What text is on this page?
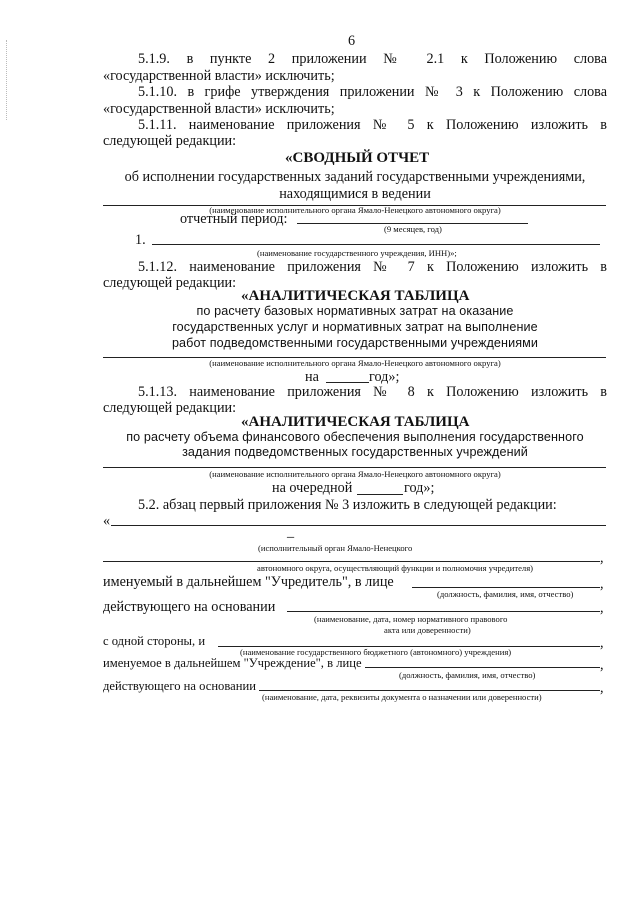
6
5.1.9. в пункте 2 приложении № 2.1 к Положению слова
«государственной власти» исключить;
5.1.10. в грифе утверждения приложении № 3 к Положению слова
«государственной власти» исключить;
5.1.11. наименование приложения № 5 к Положению изложить в
следующей редакции:
«СВОДНЫЙ ОТЧЕТ
об исполнении государственных заданий государственными учреждениями,
находящимися в ведении
(наименование исполнительного органа Ямало-Ненецкого автономного округа)
отчетный период:
(9 месяцев, год)
1.
(наименование государственного учреждения, ИНН)»;
5.1.12. наименование приложения № 7 к Положению изложить в
следующей редакции:
«АНАЛИТИЧЕСКАЯ ТАБЛИЦА
по расчету базовых нормативных затрат на оказание
государственных услуг и нормативных затрат на выполнение
работ подведомственными государственными учреждениями
(наименование исполнительного органа Ямало-Ненецкого автономного округа)
на	год»;
5.1.13. наименование приложения № 8 к Положению изложить в
следующей редакции:
«АНАЛИТИЧЕСКАЯ ТАБЛИЦА
по расчету объема финансового обеспечения выполнения государственного
задания подведомственных государственных учреждений
(наименование исполнительного органа Ямало-Ненецкого автономного округа)
на очередной	год»;
5.2. абзац первый приложения № 3 изложить в следующей редакции:
«
–
(исполнительный орган Ямало-Ненецкого
,
автономного округа, осуществляющий функции и полномочия учредителя)
именуемый в дальнейшем "Учредитель", в лице	,
(должность, фамилия, имя, отчество)
действующего на основании	,
(наименование, дата, номер нормативного правового
акта или доверенности)
с одной стороны, и	,
(наименование государственного бюджетного (автономного) учреждения)
именуемое в дальнейшем "Учреждение", в лице	,
(должность, фамилия, имя, отчество)
действующего на основании	,
(наименование, дата, реквизиты документа о назначении или доверенности)
